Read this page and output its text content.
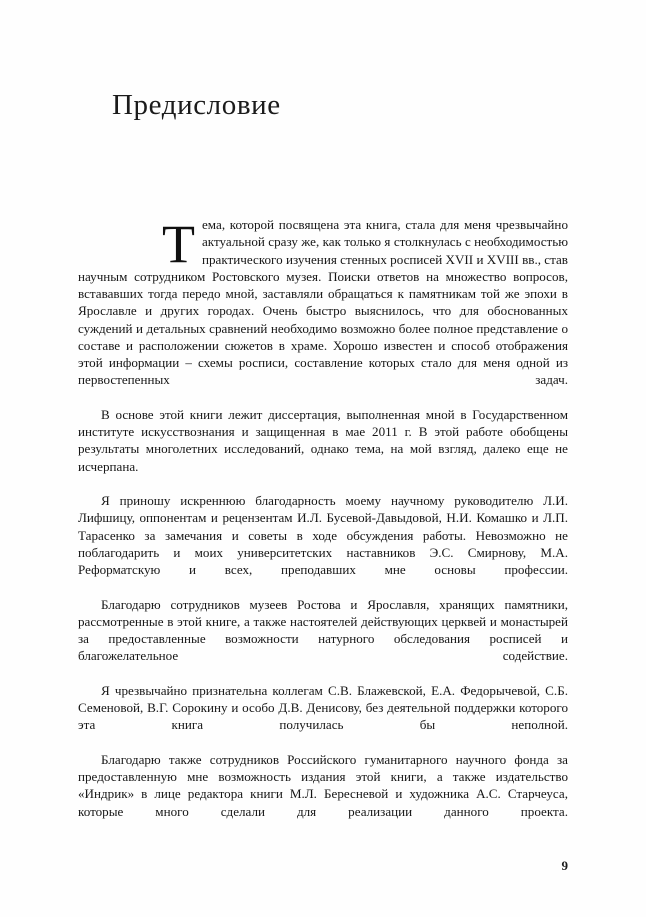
Предисловие

Тема, которой посвящена эта книга, стала для меня чрезвычайно актуальной сразу же, как только я столкнулась с необходимостью практического изучения стенных росписей XVII и XVIII вв., став научным сотрудником Ростовского музея. Поиски ответов на множество вопросов, встававших тогда передо мной, заставляли обращаться к памятникам той же эпохи в Ярославле и других городах. Очень быстро выяснилось, что для обоснованных суждений и детальных сравнений необходимо возможно более полное представление о составе и расположении сюжетов в храме. Хорошо известен и способ отображения этой информации – схемы росписи, составление которых стало для меня одной из первостепенных задач.

В основе этой книги лежит диссертация, выполненная мной в Государственном институте искусствознания и защищенная в мае 2011 г. В этой работе обобщены результаты многолетних исследований, однако тема, на мой взгляд, далеко еще не исчерпана.

Я приношу искреннюю благодарность моему научному руководителю Л.И. Лифшицу, оппонентам и рецензентам И.Л. Бусевой-Давыдовой, Н.И. Комашко и Л.П. Тарасенко за замечания и советы в ходе обсуждения работы. Невозможно не поблагодарить и моих университетских наставников Э.С. Смирнову, М.А. Реформатскую и всех, преподавших мне основы профессии.

Благодарю сотрудников музеев Ростова и Ярославля, хранящих памятники, рассмотренные в этой книге, а также настоятелей действующих церквей и монастырей за предоставленные возможности натурного обследования росписей и благожелательное содействие.

Я чрезвычайно признательна коллегам С.В. Блажевской, Е.А. Федорычевой, С.Б. Семеновой, В.Г. Сорокину и особо Д.В. Денисову, без деятельной поддержки которого эта книга получилась бы неполной.

Благодарю также сотрудников Российского гуманитарного научного фонда за предоставленную мне возможность издания этой книги, а также издательство «Индрик» в лице редактора книги М.Л. Бересневой и художника А.С. Старчеуса, которые много сделали для реализации данного проекта.

9
